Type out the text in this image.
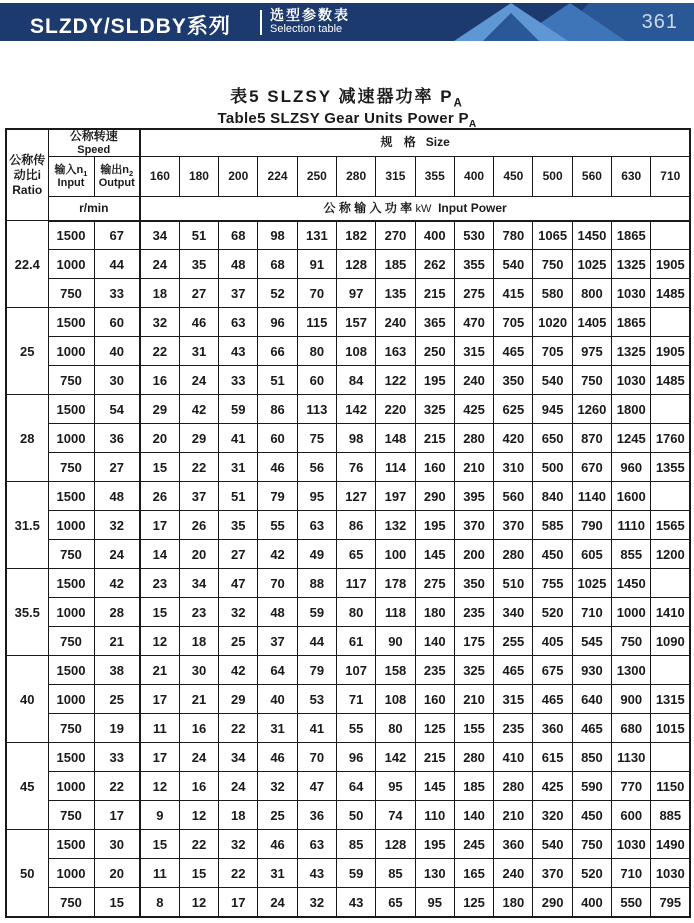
SLZDY/SLDBY系列	选型参数表
Selection table	361
表5 SLZSY 减速器功率 $P_A$
Table5 SLZSY Gear Units Power $P_A$
公称传
动比i
Ratio	公称转速
Speed		规 格 Size													

	输入$n_1$
Input	输出$n_2$
Output	160	180	200	224	250	280	315	355	400	450	500	560	630	710
	r/min		公 称 输 入 功 率 kW Input Power													
22.4	1500	67	34	51	68	98	131	182	270	400	530	780	1065	1450	1865	
	1000	44	24	35	48	68	91	128	185	262	355	540	750	1025	1325	1905
	750	33	18	27	37	52	70	97	135	215	275	415	580	800	1030	1485
25	1500	60	32	46	63	96	115	157	240	365	470	705	1020	1405	1865	
	1000	40	22	31	43	66	80	108	163	250	315	465	705	975	1325	1905
	750	30	16	24	33	51	60	84	122	195	240	350	540	750	1030	1485
28	1500	54	29	42	59	86	113	142	220	325	425	625	945	1260	1800	
	1000	36	20	29	41	60	75	98	148	215	280	420	650	870	1245	1760
	750	27	15	22	31	46	56	76	114	160	210	310	500	670	960	1355
31.5	1500	48	26	37	51	79	95	127	197	290	395	560	840	1140	1600	
	1000	32	17	26	35	55	63	86	132	195	370	370	585	790	1110	1565
	750	24	14	20	27	42	49	65	100	145	200	280	450	605	855	1200
35.5	1500	42	23	34	47	70	88	117	178	275	350	510	755	1025	1450	
	1000	28	15	23	32	48	59	80	118	180	235	340	520	710	1000	1410
	750	21	12	18	25	37	44	61	90	140	175	255	405	545	750	1090
40	1500	38	21	30	42	64	79	107	158	235	325	465	675	930	1300	
	1000	25	17	21	29	40	53	71	108	160	210	315	465	640	900	1315
	750	19	11	16	22	31	41	55	80	125	155	235	360	465	680	1015
45	1500	33	17	24	34	46	70	96	142	215	280	410	615	850	1130	
	1000	22	12	16	24	32	47	64	95	145	185	280	425	590	770	1150
	750	17	9	12	18	25	36	50	74	110	140	210	320	450	600	885
50	1500	30	15	22	32	46	63	85	128	195	245	360	540	750	1030	1490
	1000	20	11	15	22	31	43	59	85	130	165	240	370	520	710	1030
	750	15	8	12	17	24	32	43	65	95	125	180	290	400	550	795
